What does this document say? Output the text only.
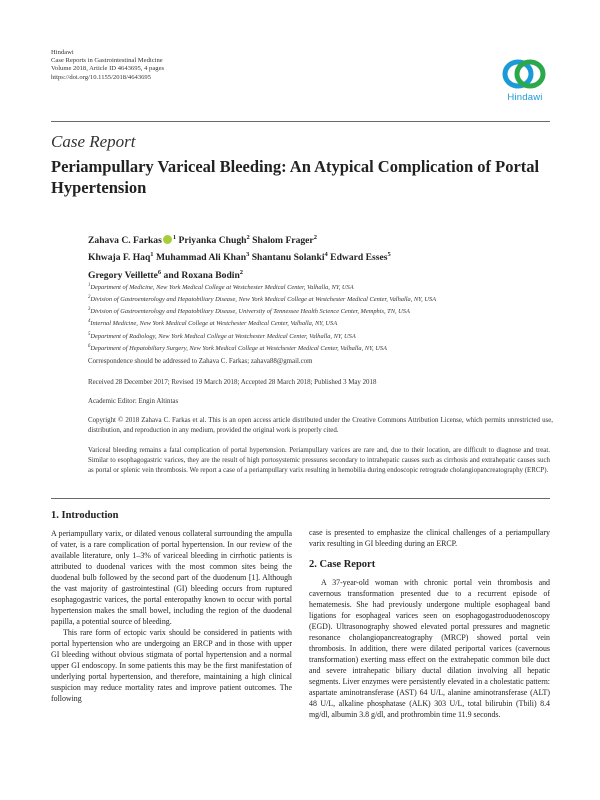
Hindawi
Case Reports in Gastrointestinal Medicine
Volume 2018, Article ID 4643695, 4 pages
https://doi.org/10.1155/2018/4643695
Hindawi
Case Report
Periampullary Variceal Bleeding: An Atypical Complication of Portal Hypertension
Zahava C. Farkas $^1$ Priyanka Chugh$^2$ Shalom Frager$^2$
Khwaja F. Haq$^1$ Muhammad Ali Khan$^3$ Shantanu Solanki$^4$ Edward Esses$^5$
Gregory Veillette$^6$ and Roxana Bodin$^2$
$^1$Department of Medicine, New York Medical College at Westchester Medical Center, Valhalla, NY, USA
$^2$Division of Gastroenterology and Hepatobiliary Disease, New York Medical College at Westchester Medical Center, Valhalla, NY, USA
$^3$Division of Gastroenterology and Hepatobiliary Disease, University of Tennessee Health Science Center, Memphis, TN, USA
$^4$Internal Medicine, New York Medical College at Westchester Medical Center, Valhalla, NY, USA
$^5$Department of Radiology, New York Medical College at Westchester Medical Center, Valhalla, NY, USA
$^6$Department of Hepatobiliary Surgery, New York Medical College at Westchester Medical Center, Valhalla, NY, USA
Correspondence should be addressed to Zahava C. Farkas; zahava88@gmail.com
Received 28 December 2017; Revised 19 March 2018; Accepted 28 March 2018; Published 3 May 2018
Academic Editor: Engin Altintas
Copyright © 2018 Zahava C. Farkas et al. This is an open access article distributed under the Creative Commons Attribution License, which permits unrestricted use, distribution, and reproduction in any medium, provided the original work is properly cited.
Variceal bleeding remains a fatal complication of portal hypertension. Periampullary varices are rare and, due to their location, are difficult to diagnose and treat. Similar to esophagogastric varices, they are the result of high portosystemic pressures secondary to intrahepatic causes such as cirrhosis and extrahepatic causes such as portal or splenic vein thrombosis. We report a case of a periampullary varix resulting in hemobilia during endoscopic retrograde cholangiopancreatography (ERCP).
1. Introduction

A periampullary varix, or dilated venous collateral surrounding the ampulla of vater, is a rare complication of portal hypertension. In our review of the available literature, only 1–3% of variceal bleeding in cirrhotic patients is attributed to duodenal varices with the most common sites being the duodenal bulb followed by the second part of the duodenum [1]. Although the vast majority of gastrointestinal (GI) bleeding occurs from ruptured esophagogastric varices, the portal enteropathy known to occur with portal hypertension makes the small bowel, including the region of the duodenal papilla, a potential source of bleeding.

This rare form of ectopic varix should be considered in patients with portal hypertension who are undergoing an ERCP and in those with upper GI bleeding without obvious stigmata of portal hypertension and a normal upper GI endoscopy. In some patients this may be the first manifestation of underlying portal hypertension, and therefore, maintaining a high clinical suspicion may reduce mortality rates and improve patient outcomes. The following

case is presented to emphasize the clinical challenges of a periampullary varix resulting in GI bleeding during an ERCP.

2. Case Report

A 37-year-old woman with chronic portal vein thrombosis and cavernous transformation presented due to a recurrent episode of hematemesis. She had previously undergone multiple esophageal band ligations for esophageal varices seen on esophagogastroduodenoscopy (EGD). Ultrasonography showed elevated portal pressures and magnetic resonance cholangiopancreatography (MRCP) showed portal vein thrombosis. In addition, there were dilated periportal varices (cavernous transformation) exerting mass effect on the extrahepatic common bile duct and severe intrahepatic biliary ductal dilation involving all hepatic segments. Liver enzymes were persistently elevated in a cholestatic pattern: aspartate aminotransferase (AST) 64 U/L, alanine aminotransferase (ALT) 48 U/L, alkaline phosphatase (ALK) 303 U/L, total bilirubin (Tbili) 8.4 mg/dl, albumin 3.8 g/dl, and prothrombin time 11.9 seconds.
